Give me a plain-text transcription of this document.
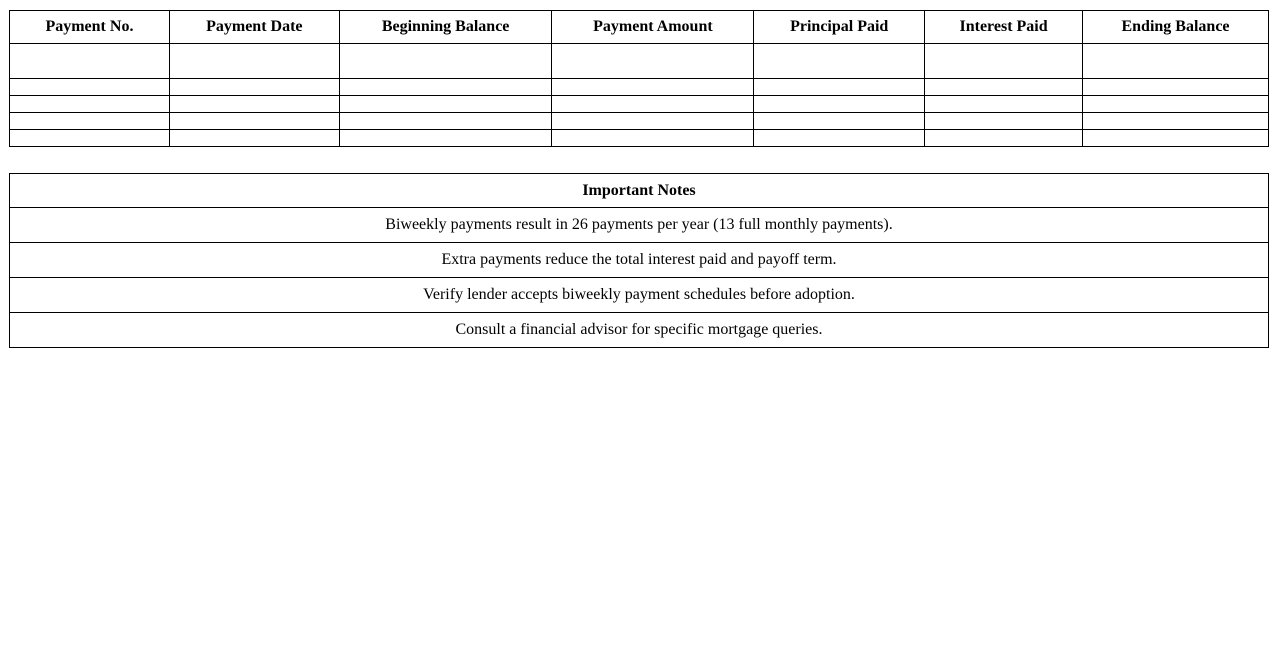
Payment No.	Payment Date	Beginning Balance	Payment Amount	Principal Paid	Interest Paid	Ending Balance

Important Notes
Biweekly payments result in 26 payments per year (13 full monthly payments).
Extra payments reduce the total interest paid and payoff term.
Verify lender accepts biweekly payment schedules before adoption.
Consult a financial advisor for specific mortgage queries.
